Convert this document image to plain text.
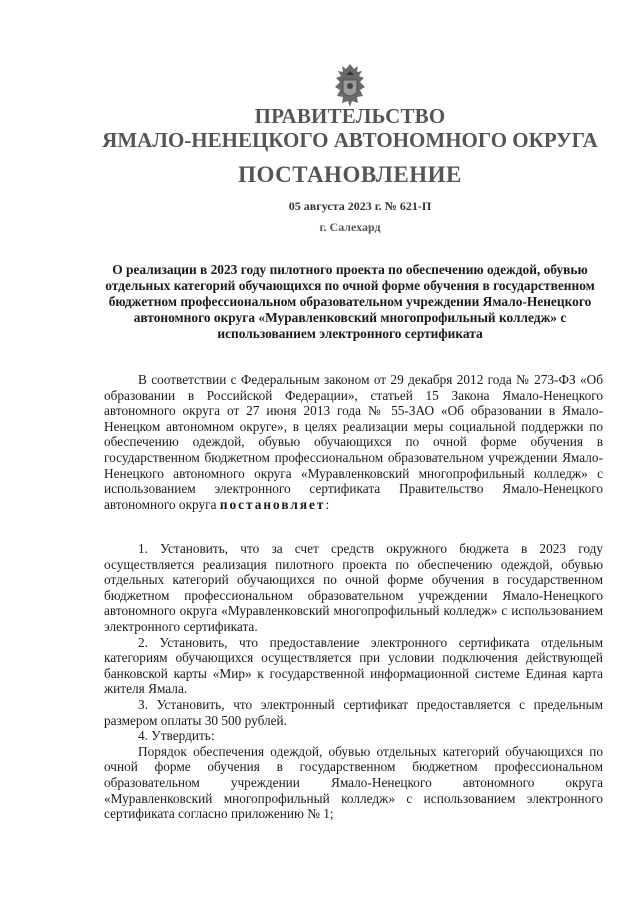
ПРАВИТЕЛЬСТВО
ЯМАЛО-НЕНЕЦКОГО АВТОНОМНОГО ОКРУГА
ПОСТАНОВЛЕНИЕ
05 августа 2023 г. № 621-П
г. Салехард
О реализации в 2023 году пилотного проекта по обеспечению одеждой, обувью отдельных категорий обучающихся по очной форме обучения в государственном бюджетном профессиональном образовательном учреждении Ямало-Ненецкого автономного округа «Муравленковский многопрофильный колледж» с использованием электронного сертификата
В соответствии с Федеральным законом от 29 декабря 2012 года № 273-ФЗ «Об образовании в Российской Федерации», статьей 15 Закона Ямало-Ненецкого автономного округа от 27 июня 2013 года № 55-ЗАО «Об образовании в Ямало-Ненецком автономном округе», в целях реализации меры социальной поддержки по обеспечению одеждой, обувью обучающихся по очной форме обучения в государственном бюджетном профессиональном образовательном учреждении Ямало-Ненецкого автономного округа «Муравленковский многопрофильный колледж» с использованием электронного сертификата Правительство Ямало-Ненецкого автономного округа постановляет:

1. Установить, что за счет средств окружного бюджета в 2023 году осуществляется реализация пилотного проекта по обеспечению одеждой, обувью отдельных категорий обучающихся по очной форме обучения в государственном бюджетном профессиональном образовательном учреждении Ямало-Ненецкого автономного округа «Муравленковский многопрофильный колледж» с использованием электронного сертификата.

2. Установить, что предоставление электронного сертификата отдельным категориям обучающихся осуществляется при условии подключения действующей банковской карты «Мир» к государственной информационной системе Единая карта жителя Ямала.

3. Установить, что электронный сертификат предоставляется с предельным размером оплаты 30 500 рублей.

4. Утвердить:

Порядок обеспечения одеждой, обувью отдельных категорий обучающихся по очной форме обучения в государственном бюджетном профессиональном образовательном учреждении Ямало-Ненецкого автономного округа «Муравленковский многопрофильный колледж» с использованием электронного сертификата согласно приложению № 1;
